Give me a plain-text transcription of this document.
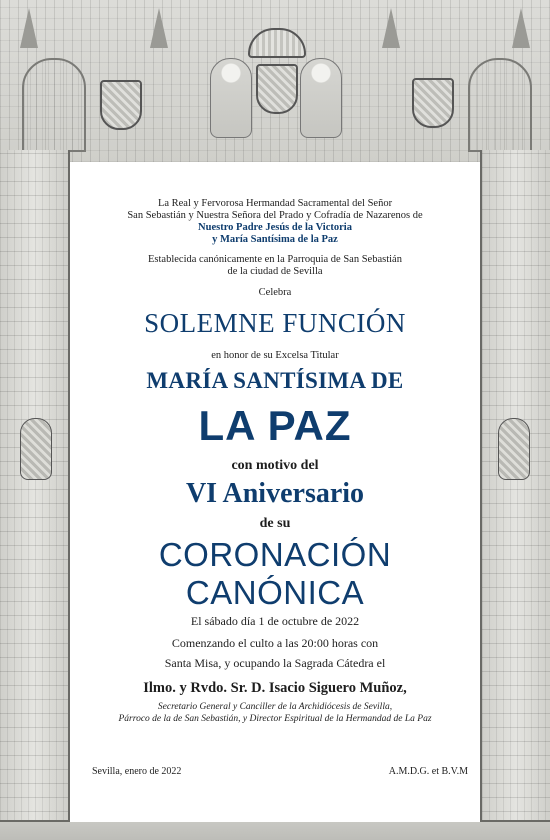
La Real y Fervorosa Hermandad Sacramental del Señor
San Sebastián y Nuestra Señora del Prado y Cofradía de Nazarenos de
Nuestro Padre Jesús de la Victoria
y María Santísima de la Paz
Establecida canónicamente en la Parroquia de San Sebastián
de la ciudad de Sevilla
Celebra
SOLEMNE FUNCIÓN
en honor de su Excelsa Titular
MARÍA SANTÍSIMA DE
LA PAZ
con motivo del
VI Aniversario
de su
CORONACIÓN
CANÓNICA
El sábado día 1 de octubre de 2022
Comenzando el culto a las 20:00 horas con
Santa Misa, y ocupando la Sagrada Cátedra el
Ilmo. y Rvdo. Sr. D. Isacio Siguero Muñoz,
Secretario General y Canciller de la Archidiócesis de Sevilla,
Párroco de la de San Sebastián, y Director Espiritual de la Hermandad de La Paz
Sevilla, enero de 2022	A.M.D.G. et B.V.M
